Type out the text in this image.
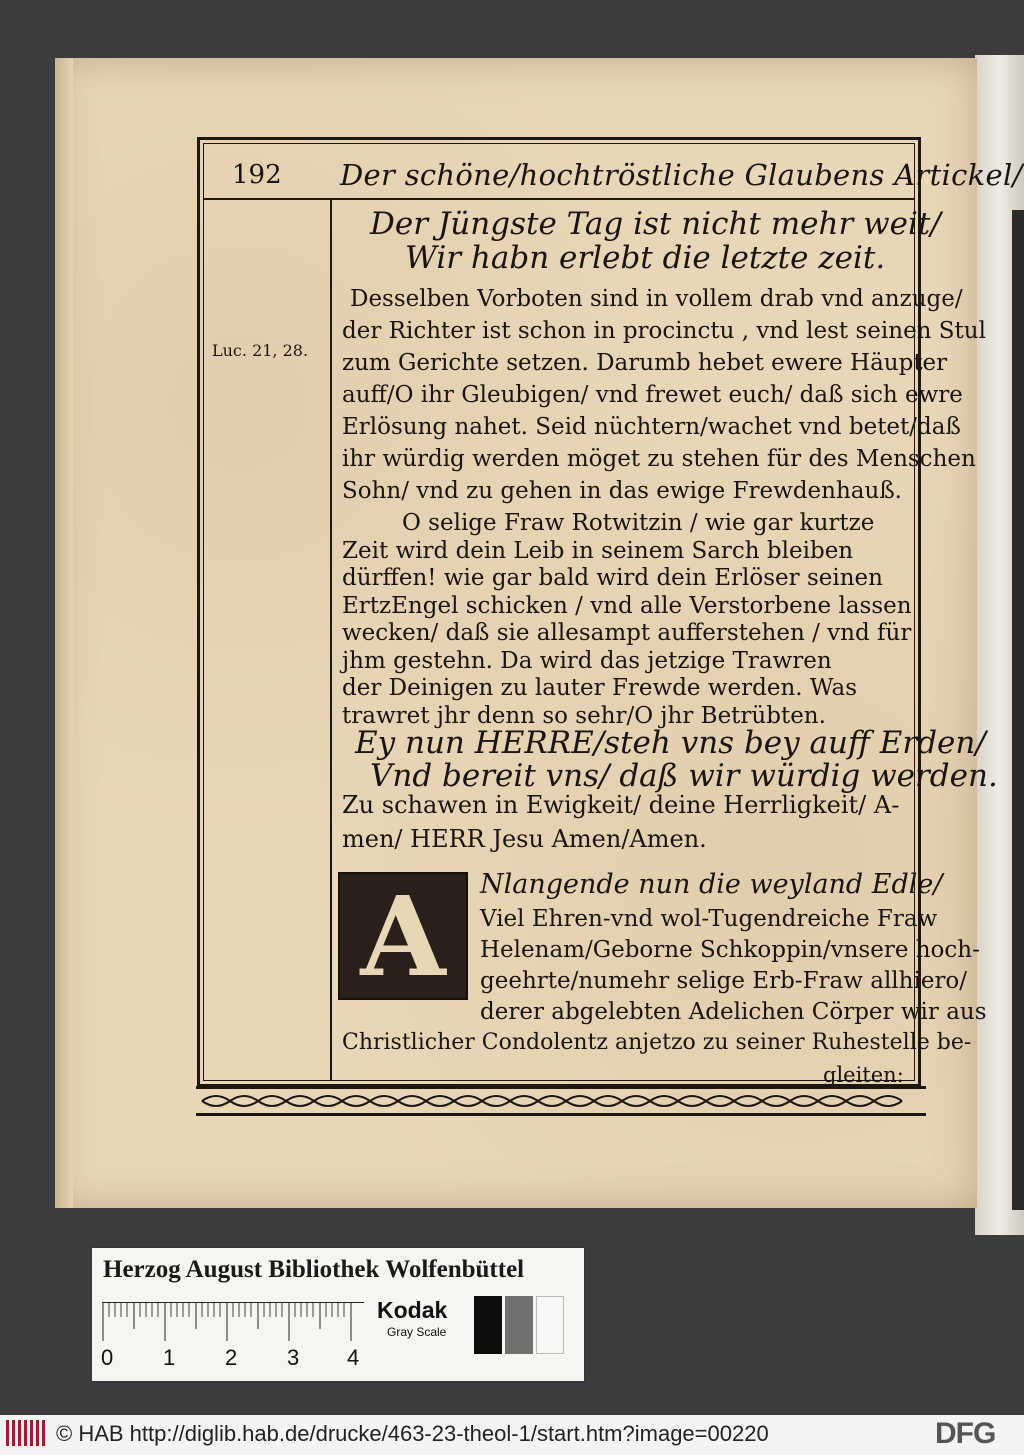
192 Der schöne/hochtröstliche Glaubens Artickel/
Luc. 21, 28.
Der Jüngste Tag ist nicht mehr weit/
Wir habn erlebt die letzte zeit.
Desselben Vorboten sind in vollem drab vnd anzuge/
der Richter ist schon in procinctu , vnd lest seinen Stul
zum Gerichte setzen. Darumb hebet ewere Häupter
auff/O ihr Gleubigen/ vnd frewet euch/ daß sich ewre
Erlösung nahet. Seid nüchtern/wachet vnd betet/daß
ihr würdig werden möget zu stehen für des Menschen
Sohn/ vnd zu gehen in das ewige Frewdenhauß.
O selige Fraw Rotwitzin / wie gar kurtze
Zeit wird dein Leib in seinem Sarch bleiben
dürffen! wie gar bald wird dein Erlöser seinen
ErtzEngel schicken / vnd alle Verstorbene lassen
wecken/ daß sie allesampt aufferstehen / vnd für
jhm gestehn. Da wird das jetzige Trawren
der Deinigen zu lauter Frewde werden. Was
trawret jhr denn so sehr/O jhr Betrübten.
Ey nun HERRE/steh vns bey auff Erden/
Vnd bereit vns/ daß wir würdig werden.
Zu schawen in Ewigkeit/ deine Herrligkeit/ A-
men/ HERR Jesu Amen/Amen.
A	Nlangende nun die weyland Edle/
Viel Ehren-vnd wol-Tugendreiche Fraw
Helenam/Geborne Schkoppin/vnsere hoch-
geehrte/numehr selige Erb-Fraw allhiero/
derer abgelebten Adelichen Cörper wir aus
Christlicher Condolentz anjetzo zu seiner Ruhestelle be-
gleiten:
Herzog August Bibliothek Wolfenbüttel
0 1 2 3 4
Kodak
Gray Scale
© HAB http://diglib.hab.de/drucke/463-23-theol-1/start.htm?image=00220	DFG
